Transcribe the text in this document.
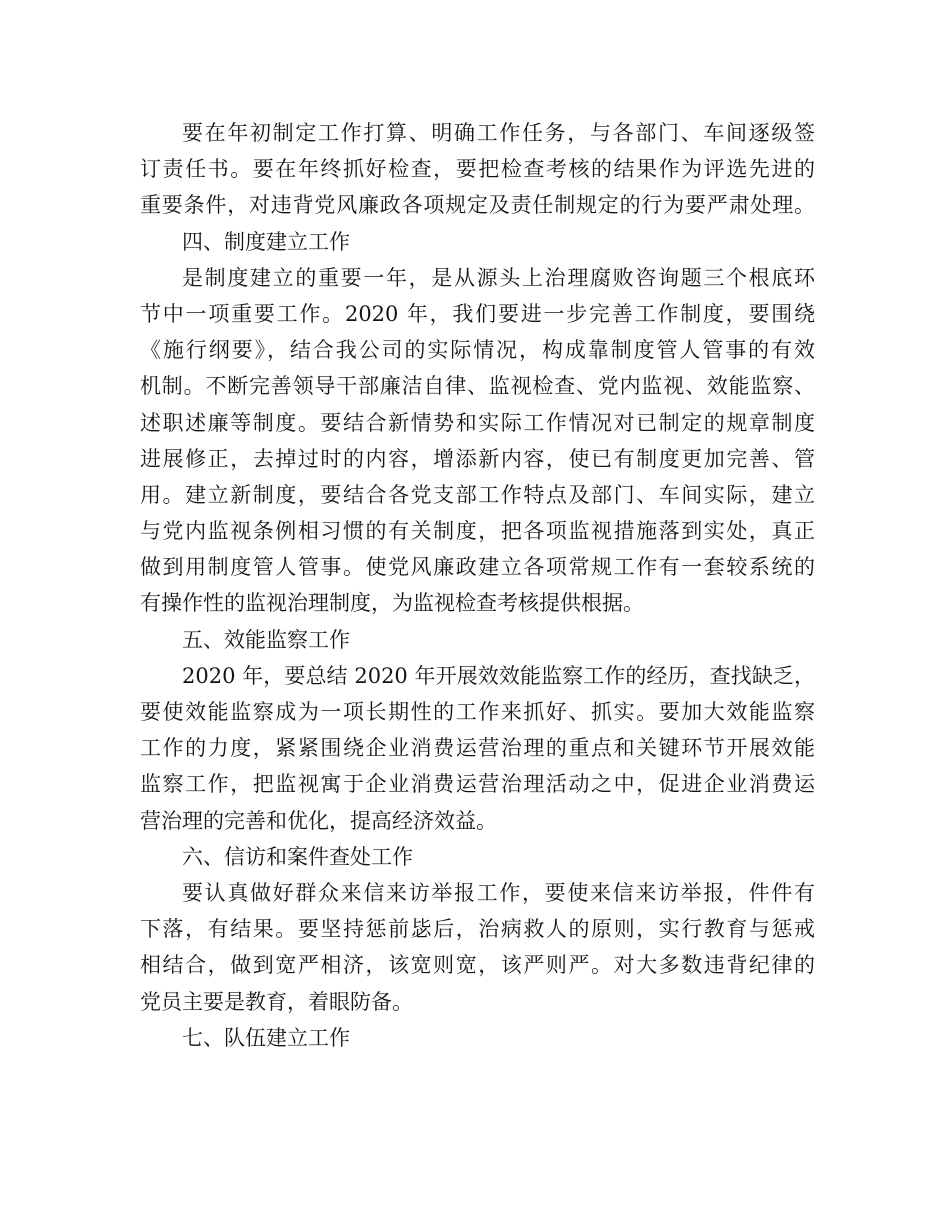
要在年初制定工作打算、明确工作任务，与各部门、车间逐级签
订责任书。要在年终抓好检查，要把检查考核的结果作为评选先进的
重要条件，对违背党风廉政各项规定及责任制规定的行为要严肃处理。
四、制度建立工作
是制度建立的重要一年，是从源头上治理腐败咨询题三个根底环
节中一项重要工作。2020 年，我们要进一步完善工作制度，要围绕
《施行纲要》，结合我公司的实际情况，构成靠制度管人管事的有效
机制。不断完善领导干部廉洁自律、监视检查、党内监视、效能监察、
述职述廉等制度。要结合新情势和实际工作情况对已制定的规章制度
进展修正，去掉过时的内容，增添新内容，使已有制度更加完善、管
用。建立新制度，要结合各党支部工作特点及部门、车间实际，建立
与党内监视条例相习惯的有关制度，把各项监视措施落到实处，真正
做到用制度管人管事。使党风廉政建立各项常规工作有一套较系统的
有操作性的监视治理制度，为监视检查考核提供根据。
五、效能监察工作
2020 年，要总结 2020 年开展效效能监察工作的经历，查找缺乏，
要使效能监察成为一项长期性的工作来抓好、抓实。要加大效能监察
工作的力度，紧紧围绕企业消费运营治理的重点和关键环节开展效能
监察工作，把监视寓于企业消费运营治理活动之中，促进企业消费运
营治理的完善和优化，提高经济效益。
六、信访和案件查处工作
要认真做好群众来信来访举报工作，要使来信来访举报，件件有
下落，有结果。要坚持惩前毖后，治病救人的原则，实行教育与惩戒
相结合，做到宽严相济，该宽则宽，该严则严。对大多数违背纪律的
党员主要是教育，着眼防备。
七、队伍建立工作
